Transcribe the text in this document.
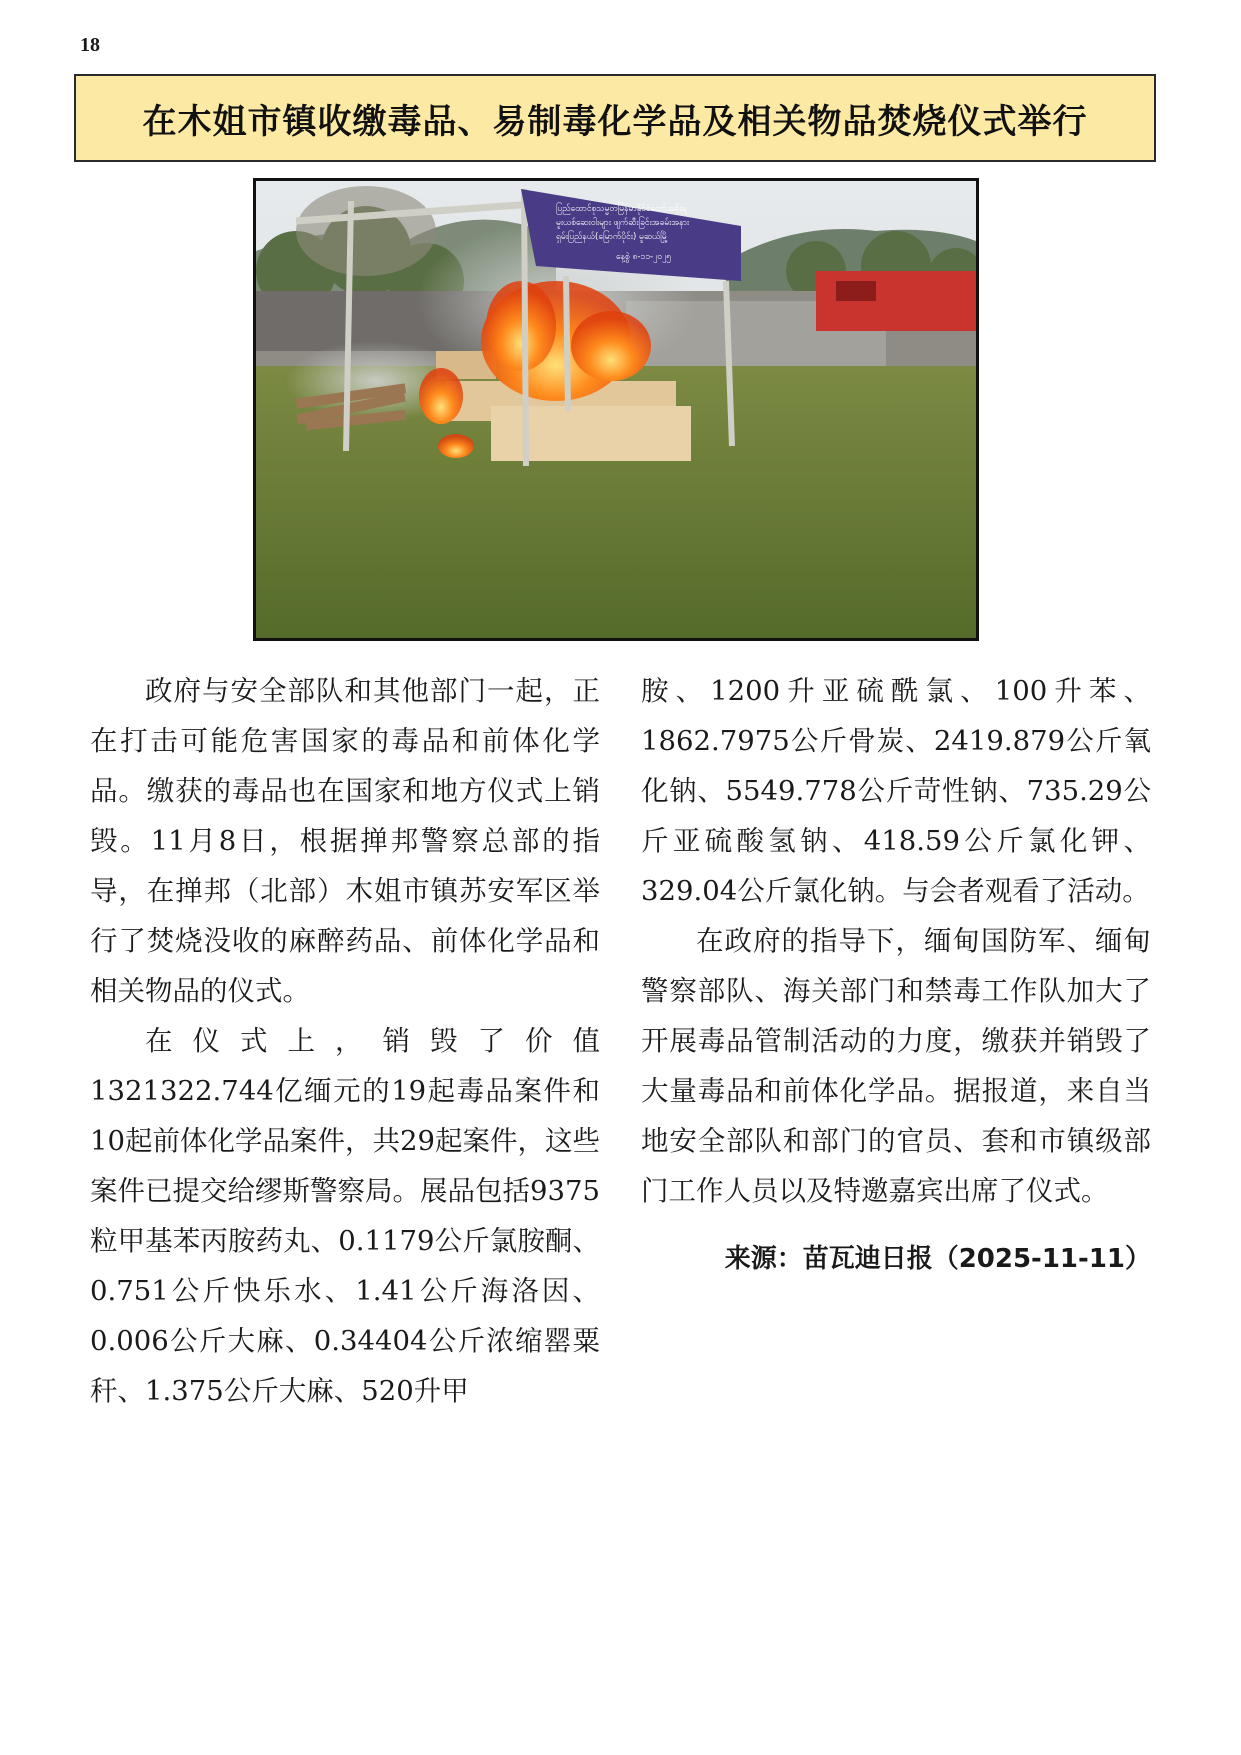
18
在木姐市镇收缴毒品、易制毒化学品及相关物品焚烧仪式举行
ပြည်ထောင်စုသမ္မတမြန်မာနိုင်ငံတော်အစိုးရ
မူးယစ်ဆေးဝါးများ ဖျက်ဆီးခြင်းအခမ်းအနား
ရှမ်းပြည်နယ်(မြောက်ပိုင်း) မူဆယ်မြို့
နေ့စွဲ ၈-၁၁-၂၀၂၅

政府与安全部队和其他部门一起，正在打击可能危害国家的毒品和前体化学品。缴获的毒品也在国家和地方仪式上销毁。11月8日，根据掸邦警察总部的指导，在掸邦（北部）木姐市镇苏安军区举行了焚烧没收的麻醉药品、前体化学品和相关物品的仪式。

在仪式上，销毁了价值1321322.744亿缅元的19起毒品案件和10起前体化学品案件，共29起案件，这些案件已提交给缪斯警察局。展品包括9375粒甲基苯丙胺药丸、0.1179公斤氯胺酮、0.751公斤快乐水、1.41公斤海洛因、0.006公斤大麻、0.34404公斤浓缩罂粟秆、1.375公斤大麻、520升甲

胺、1200升亚硫酰氯、100升苯、1862.7975公斤骨炭、2419.879公斤氧化钠、5549.778公斤苛性钠、735.29公斤亚硫酸氢钠、418.59公斤氯化钾、329.04公斤氯化钠。与会者观看了活动。

在政府的指导下，缅甸国防军、缅甸警察部队、海关部门和禁毒工作队加大了开展毒品管制活动的力度，缴获并销毁了大量毒品和前体化学品。据报道，来自当地安全部队和部门的官员、套和市镇级部门工作人员以及特邀嘉宾出席了仪式。

来源：苗瓦迪日报（2025-11-11）
